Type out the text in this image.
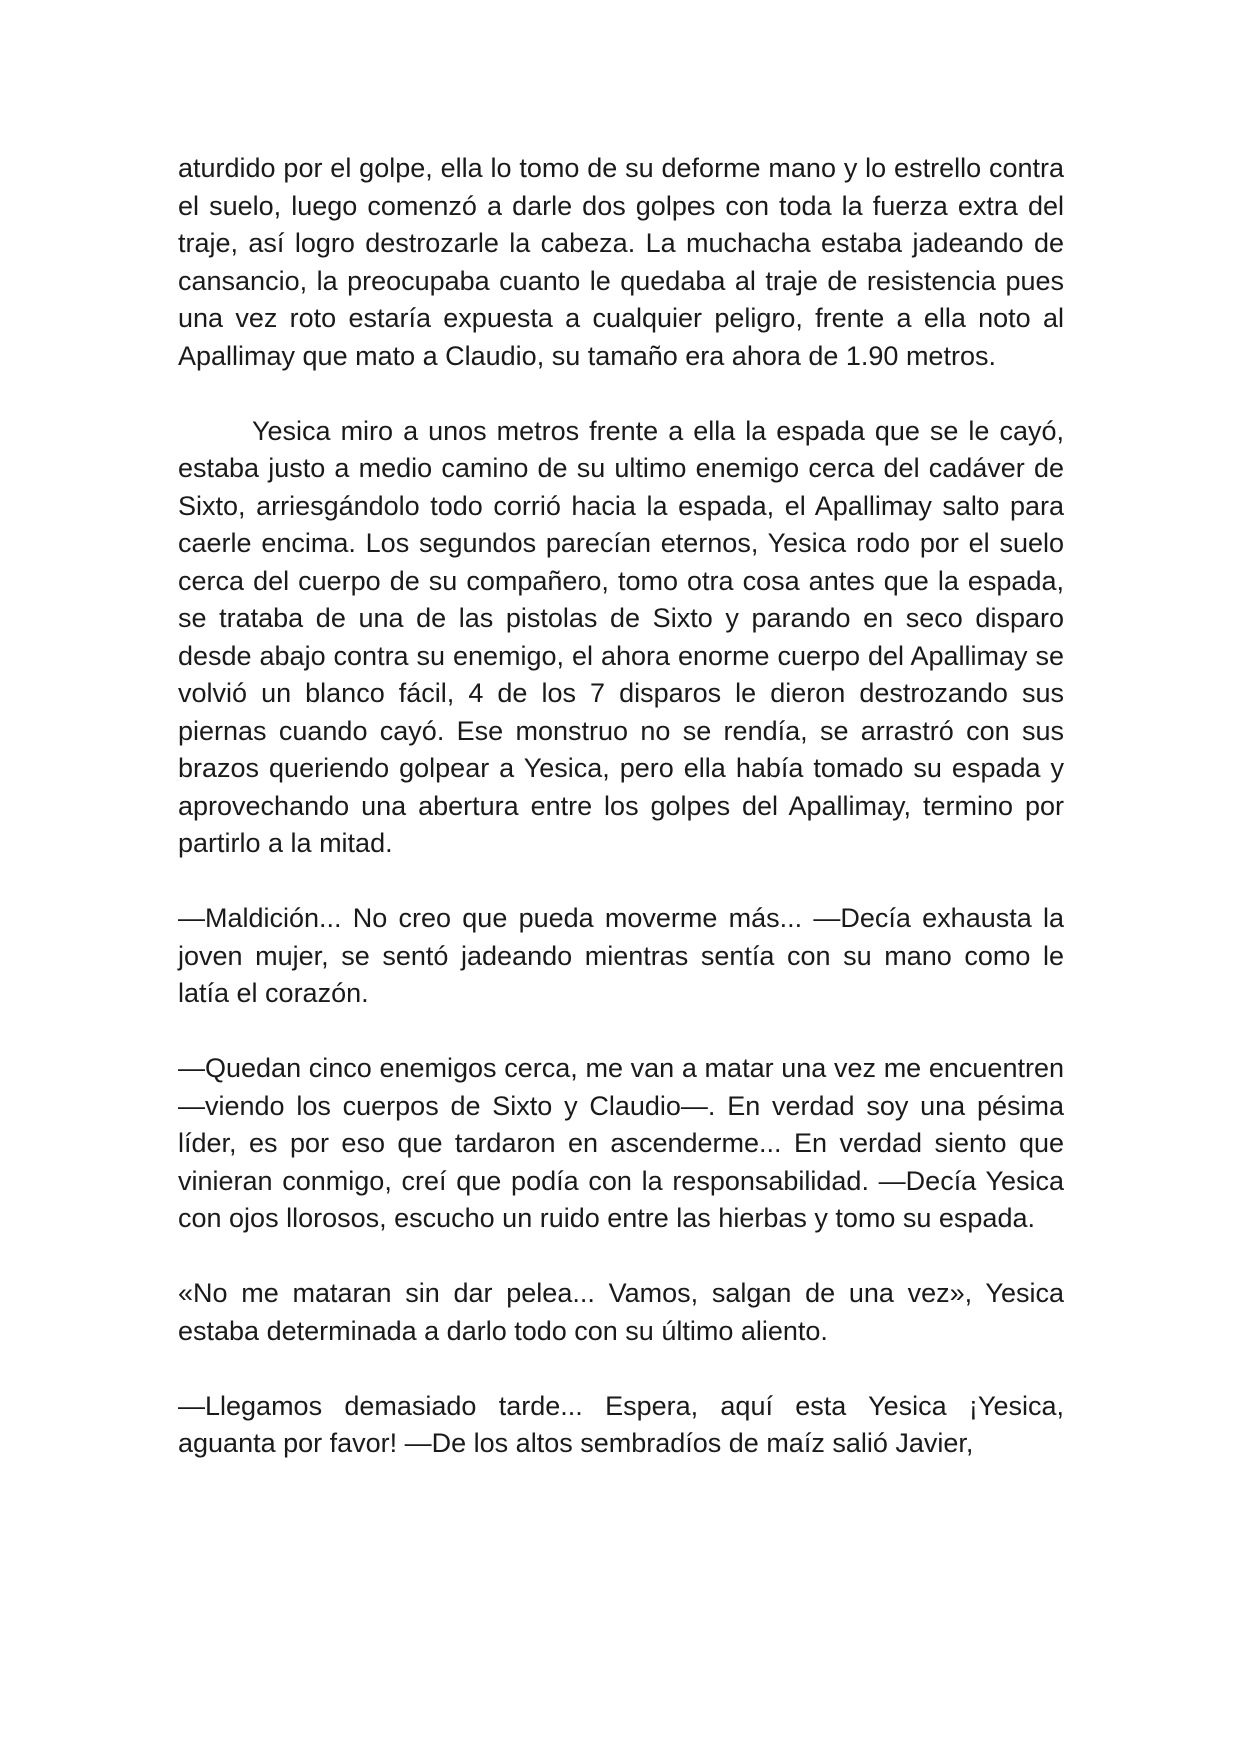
aturdido por el golpe, ella lo tomo de su deforme mano y lo estrello contra el suelo, luego comenzó a darle dos golpes con toda la fuerza extra del traje, así logro destrozarle la cabeza. La muchacha estaba jadeando de cansancio, la preocupaba cuanto le quedaba al traje de resistencia pues una vez roto estaría expuesta a cualquier peligro, frente a ella noto al Apallimay que mato a Claudio, su tamaño era ahora de 1.90 metros.

Yesica miro a unos metros frente a ella la espada que se le cayó, estaba justo a medio camino de su ultimo enemigo cerca del cadáver de Sixto, arriesgándolo todo corrió hacia la espada, el Apallimay salto para caerle encima. Los segundos parecían eternos, Yesica rodo por el suelo cerca del cuerpo de su compañero, tomo otra cosa antes que la espada, se trataba de una de las pistolas de Sixto y parando en seco disparo desde abajo contra su enemigo, el ahora enorme cuerpo del Apallimay se volvió un blanco fácil, 4 de los 7 disparos le dieron destrozando sus piernas cuando cayó. Ese monstruo no se rendía, se arrastró con sus brazos queriendo golpear a Yesica, pero ella había tomado su espada y aprovechando una abertura entre los golpes del Apallimay, termino por partirlo a la mitad.

—Maldición... No creo que pueda moverme más... —Decía exhausta la joven mujer, se sentó jadeando mientras sentía con su mano como le latía el corazón.

—Quedan cinco enemigos cerca, me van a matar una vez me encuentren —viendo los cuerpos de Sixto y Claudio—. En verdad soy una pésima líder, es por eso que tardaron en ascenderme... En verdad siento que vinieran conmigo, creí que podía con la responsabilidad. —Decía Yesica con ojos llorosos, escucho un ruido entre las hierbas y tomo su espada.

«No me mataran sin dar pelea... Vamos, salgan de una vez», Yesica estaba determinada a darlo todo con su último aliento.

—Llegamos demasiado tarde... Espera, aquí esta Yesica ¡Yesica, aguanta por favor! —De los altos sembradíos de maíz salió Javier,
